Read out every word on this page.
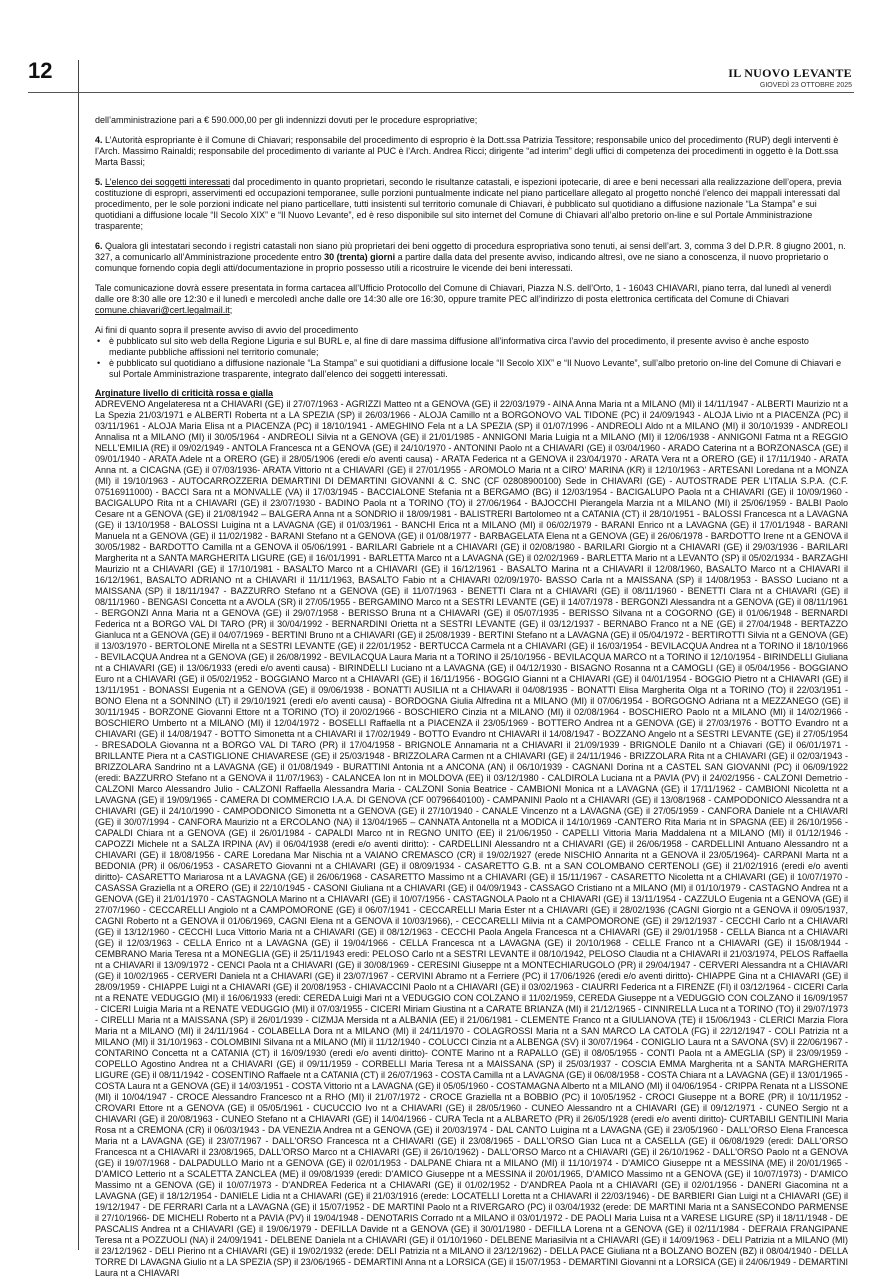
12	IL NUOVO LEVANTE
GIOVEDÌ 23 OTTOBRE 2025

dell’amministrazione pari a € 590.000,00 per gli indennizzi dovuti per le procedure espropriative;

4. L’Autorità espropriante è il Comune di Chiavari; responsabile del procedimento di esproprio è la Dott.ssa Patrizia Tessitore; responsabile unico del procedimento (RUP) degli interventi è l’Arch. Massimo Rainaldi; responsabile del procedimento di variante al PUC è l’Arch. Andrea Ricci; dirigente “ad interim” degli uffici di competenza dei procedimenti in oggetto è la Dott.ssa Marta Bassi;

5. L’elenco dei soggetti interessati dal procedimento in quanto proprietari, secondo le risultanze catastali, e ispezioni ipotecarie, di aree e beni necessari alla realizzazione dell’opera, previa costituzione di espropri, asservimenti ed occupazioni temporanee, sulle porzioni puntualmente indicate nel piano particellare allegato al progetto nonché l’elenco dei mappali interessati dal procedimento, per le sole porzioni indicate nel piano particellare, tutti insistenti sul territorio comunale di Chiavari, è pubblicato sul quotidiano a diffusione nazionale “La Stampa” e sui quotidiani a diffusione locale “Il Secolo XIX” e “Il Nuovo Levante”, ed è reso disponibile sul sito internet del Comune di Chiavari all’albo pretorio on-line e sul Portale Amministrazione trasparente;

6. Qualora gli intestatari secondo i registri catastali non siano più proprietari dei beni oggetto di procedura espropriativa sono tenuti, ai sensi dell’art. 3, comma 3 del D.P.R. 8 giugno 2001, n. 327, a comunicarlo all’Amministrazione procedente entro 30 (trenta) giorni a partire dalla data del presente avviso, indicando altresì, ove ne siano a conoscenza, il nuovo proprietario o comunque fornendo copia degli atti/documentazione in proprio possesso utili a ricostruire le vicende dei beni interessati.

Tale comunicazione dovrà essere presentata in forma cartacea all’Ufficio Protocollo del Comune di Chiavari, Piazza N.S. dell’Orto, 1 - 16043 CHIAVARI, piano terra, dal lunedì al venerdì dalle ore 8:30 alle ore 12:30 e il lunedì e mercoledì anche dalle ore 14:30 alle ore 16:30, oppure tramite PEC all’indirizzo di posta elettronica certificata del Comune di Chiavari comune.chiavari@cert.legalmail.it;

Ai fini di quanto sopra il presente avviso di avvio del procedimento
• è pubblicato sul sito web della Regione Liguria e sul BURL e, al fine di dare massima diffusione all’informativa circa l’avvio del procedimento, il presente avviso è anche esposto mediante pubbliche affissioni nel territorio comunale;
• è pubblicato sul quotidiano a diffusione nazionale “La Stampa” e sui quotidiani a diffusione locale “Il Secolo XIX” e “Il Nuovo Levante”, sull’albo pretorio on-line del Comune di Chiavari e sul Portale Amministrazione trasparente, integrato dall’elenco dei soggetti interessati.
Arginature livello di criticità rossa e gialla
ADREVENO Angelateresa nt a CHIAVARI (GE) il 27/07/1963 - AGRIZZI Matteo nt a GENOVA (GE) il 22/03/1979 - AINA Anna Maria nt a MILANO (MI) il 14/11/1947 - ALBERTI Maurizio nt a La Spezia 21/03/1971 e ALBERTI Roberta nt a LA SPEZIA (SP) il 26/03/1966 - ALOJA Camillo nt a BORGONOVO VAL TIDONE (PC) il 24/09/1943 - ALOJA Livio nt a PIACENZA (PC) il 03/11/1961 - ALOJA Maria Elisa nt a PIACENZA (PC) il 18/10/1941 - AMEGHINO Fela nt a LA SPEZIA (SP) il 01/07/1996 - ANDREOLI Aldo nt a MILANO (MI) il 30/10/1939 - ANDREOLI Annalisa nt a MILANO (MI) il 30/05/1964 - ANDREOLI Silvia nt a GENOVA (GE) il 21/01/1985 - ANNIGONI Maria Luigia nt a MILANO (MI) il 12/06/1938 - ANNIGONI Fatma nt a REGGIO NELL'EMILIA (RE) il 09/02/1949 - ANTOLA Francesca nt a GENOVA (GE) il 24/10/1970 - ANTONINI Paolo nt a CHIAVARI (GE) il 03/04/1960 - ARADO Caterina nt a BORZONASCA (GE) il 09/01/1940 - ARATA Adele nt a ORERO (GE) il 28/05/1906 (eredi e/o aventi causa) - ARATA Federica nt a GENOVA il 23/04/1970 - ARATA Vera nt a ORERO (GE) il 17/11/1940 - ARATA Anna nt. a CICAGNA (GE) il 07/03/1936- ARATA Vittorio nt a CHIAVARI (GE) il 27/01/1955 - AROMOLO Maria nt a CIRO' MARINA (KR) il 12/10/1963 - ARTESANI Loredana nt a MONZA (MI) il 19/10/1963 - AUTOCARROZZERIA DEMARTINI DI DEMARTINI GIOVANNI & C. SNC (CF 02808900100) Sede in CHIAVARI (GE) - AUTOSTRADE PER L'ITALIA S.P.A. (C.F. 07516911000) - BACCI Sara nt a MONVALLE (VA) il 17/03/1945 - BACCIALONE Stefania nt a BERGAMO (BG) il 12/03/1954 - BACIGALUPO Paola nt a CHIAVARI (GE) il 10/09/1960 - BACIGALUPO Rita nt a CHIAVARI (GE) il 23/07/1930 - BADINO Paola nt a TORINO (TO) il 27/06/1964 - BAJOCCHI Pierangela Marzia nt a MILANO (MI) il 25/06/1959 - BALBI Paolo Cesare nt a GENOVA (GE) il 21/08/1942 – BALGERA Anna nt a SONDRIO il 18/09/1981 - BALISTRERI Bartolomeo nt a CATANIA (CT) il 28/10/1951 - BALOSSI Francesca nt a LAVAGNA (GE) il 13/10/1958 - BALOSSI Luigina nt a LAVAGNA (GE) il 01/03/1961 - BANCHI Erica nt a MILANO (MI) il 06/02/1979 - BARANI Enrico nt a LAVAGNA (GE) il 17/01/1948 - BARANI Manuela nt a GENOVA (GE) il 11/02/1982 - BARANI Stefano nt a GENOVA (GE) il 01/08/1977 - BARBAGELATA Elena nt a GENOVA (GE) il 26/06/1978 - BARDOTTO Irene nt a GENOVA il 30/05/1982 - BARDOTTO Camilla nt a GENOVA il 05/06/1991 - BARILARI Gabriele nt a CHIAVARI (GE) il 02/08/1980 - BARILARI Giorgio nt a CHIAVARI (GE) il 29/03/1936 - BARILARI Margherita nt a SANTA MARGHERITA LIGURE (GE) il 16/01/1991 - BARLETTA Marco nt a LAVAGNA (GE) il 02/02/1969 - BARLETTA Mario nt a LEVANTO (SP) il 05/02/1934 - BARZAGHI Maurizio nt a CHIAVARI (GE) il 17/10/1981 - BASALTO Marco nt a CHIAVARI (GE) il 16/12/1961 - BASALTO Marina nt a CHIAVARI il 12/08/1960, BASALTO Marco nt a CHIAVARI il 16/12/1961, BASALTO ADRIANO nt a CHIAVARI il 11/11/1963, BASALTO Fabio nt a CHIAVARI 02/09/1970- BASSO Carla nt a MAISSANA (SP) il 14/08/1953 - BASSO Luciano nt a MAISSANA (SP) il 18/11/1947 - BAZZURRO Stefano nt a GENOVA (GE) il 11/07/1963 - BENETTI Clara nt a CHIAVARI (GE) il 08/11/1960 - BENETTI Clara nt a CHIAVARI (GE) il 08/11/1960 - BENGASI Concetta nt a AVOLA (SR) il 27/05/1955 - BERGAMINO Marco nt a SESTRI LEVANTE (GE) il 14/07/1978 - BERGONZI Alessandra nt a GENOVA (GE) il 08/11/1961 - BERGONZI Anna Maria nt a GENOVA (GE) il 29/07/1958 - BERISSO Bruna nt a CHIAVARI (GE) il 05/07/1935 - BERISSO Silvana nt a COGORNO (GE) il 01/06/1948 - BERNARDI Federica nt a BORGO VAL DI TARO (PR) il 30/04/1992 - BERNARDINI Orietta nt a SESTRI LEVANTE (GE) il 03/12/1937 - BERNABO Franco nt a NE (GE) il 27/04/1948 - BERTAZZO Gianluca nt a GENOVA (GE) il 04/07/1969 - BERTINI Bruno nt a CHIAVARI (GE) il 25/08/1939 - BERTINI Stefano nt a LAVAGNA (GE) il 05/04/1972 - BERTIROTTI Silvia nt a GENOVA (GE) il 13/03/1970 - BERTOLONE Mirella nt a SESTRI LEVANTE (GE) il 22/01/1952 - BERTUCCA Carmela nt a CHIAVARI (GE) il 16/03/1954 - BEVILACQUA Andrea nt a TORINO il 18/10/1966 - BEVILACQUA Andrea nt a GENOVA (GE) il 26/08/1992 - BEVILACQUA Laura Maria nt a TORINO il 25/10/1956 - BEVILACQUA MARCO nt a TORINO il 12/10/1954 - BIRINDELLI Giuliana nt a CHIAVARI (GE) il 13/06/1933 (eredi e/o aventi causa) - BIRINDELLI Luciano nt a LAVAGNA (GE) il 04/12/1930 - BISAGNO Rosanna nt a CAMOGLI (GE) il 05/04/1956 - BOGGIANO Euro nt a CHIAVARI (GE) il 05/02/1952 - BOGGIANO Marco nt a CHIAVARI (GE) il 16/11/1956 - BOGGIO Gianni nt a CHIAVARI (GE) il 04/01/1954 - BOGGIO Pietro nt a CHIAVARI (GE) il 13/11/1951 - BONASSI Eugenia nt a GENOVA (GE) il 09/06/1938 - BONATTI AUSILIA nt a CHIAVARI il 04/08/1935 - BONATTI Elisa Margherita Olga nt a TORINO (TO) il 22/03/1951 - BONO Elena nt a SONNINO (LT) il 29/10/1921 (eredi e/o aventi causa) - BORDOGNA Giulia Alfredina nt a MILANO (MI) il 07/06/1954 - BORGOGNO Adriana nt a MEZZANEGO (GE) il 30/11/1945 - BORZONE Giovanni Ettore nt a TORINO (TO) il 20/02/1966 - BOSCHIERO Cinzia nt a MILANO (MI) il 02/08/1964 - BOSCHIERO Paolo nt a MILANO (MI) il 14/02/1966 - BOSCHIERO Umberto nt a MILANO (MI) il 12/04/1972 - BOSELLI Raffaella nt a PIACENZA il 23/05/1969 - BOTTERO Andrea nt a GENOVA (GE) il 27/03/1976 - BOTTO Evandro nt a CHIAVARI (GE) il 14/08/1947 - BOTTO Simonetta nt a CHIAVARI il 17/02/1949 - BOTTO Evandro nt CHIAVARI il 14/08/1947 - BOZZANO Angelo nt a SESTRI LEVANTE (GE) il 27/05/1954 - BRESADOLA Giovanna nt a BORGO VAL DI TARO (PR) il 17/04/1958 - BRIGNOLE Annamaria nt a CHIAVARI il 21/09/1939 - BRIGNOLE Danilo nt a Chiavari (GE) il 06/01/1971 - BRILLANTE Piera nt a CASTIGLIONE CHIAVARESE (GE) il 25/03/1948 - BRIZZOLARA Carmen nt a CHIAVARI (GE) il 24/11/1946 - BRIZZOLARA Rita nt a CHIAVARI (GE) il 02/03/1943 - BRIZZOLARA Sandrino nt a LAVAGNA (GE) il 01/08/1949 - BURATTINI Antonia nt a ANCONA (AN) il 06/10/1939 - CAGNANI Dorina nt a CASTEL SAN GIOVANNI (PC) il 06/09/1922 (eredi: BAZZURRO Stefano nt a GENOVA il 11/07/1963) - CALANCEA Ion nt in MOLDOVA (EE) il 03/12/1980 - CALDIROLA Luciana nt a PAVIA (PV) il 24/02/1956 - CALZONI Demetrio - CALZONI Marco Alessandro Julio - CALZONI Raffaella Alessandra Maria - CALZONI Sonia Beatrice - CAMBIONI Monica nt a LAVAGNA (GE) il 17/11/1962 - CAMBIONI Nicoletta nt a LAVAGNA (GE) il 19/09/1965 - CAMERA DI COMMERCIO I.A.A. DI GENOVA (CF 00796640100) - CAMPANINI Paolo nt a CHIAVARI (GE) il 13/08/1968 - CAMPODONICO Alessandra nt a CHIAVARI (GE) il 24/10/1990 - CAMPODONICO Simonetta nt a GENOVA (GE) il 27/10/1940 - CANALE Vincenzo nt a LAVAGNA (GE) il 27/05/1959 - CANFORA Daniele nt a CHIAVARI (GE) il 30/07/1994 - CANFORA Maurizio nt a ERCOLANO (NA) il 13/04/1965 – CANNATA Antonella nt a MODICA il 14/10/1969 -CANTERO Rita Maria nt in SPAGNA (EE) il 26/10/1956 - CAPALDI Chiara nt a GENOVA (GE) il 26/01/1984 - CAPALDI Marco nt in REGNO UNITO (EE) il 21/06/1950 - CAPELLI Vittoria Maria Maddalena nt a MILANO (MI) il 01/12/1946 - CAPOZZI Michele nt a SALZA IRPINA (AV) il 06/04/1938 (eredi e/o aventi diritto): - CARDELLINI Alessandro nt a CHIAVARI (GE) il 26/06/1958 - CARDELLINI Antuano Alessandro nt a CHIAVARI (GE) il 18/08/1956 - CARE Loredana Mar Nischia nt a VAIANO CREMASCO (CR) il 19/02/1927 (erede NISCHIO Annarita nt a GENOVA il 23/05/1964)- CARPANI Marta nt a BEDONIA (PR) il 06/06/1953 - CASARETO Giovanni nt a CHIAVARI (GE) il 08/09/1934 - CASARETTO G.B. nt a SAN COLOMBANO CERTENOLI (GE) il 21/02/1916 (eredi e/o aventi diritto)- CASARETTO Mariarosa nt a LAVAGNA (GE) il 26/06/1968 - CASARETTO Massimo nt a CHIAVARI (GE) il 15/11/1967 - CASARETTO Nicoletta nt a CHIAVARI (GE) il 10/07/1970 - CASASSA Graziella nt a ORERO (GE) il 22/10/1945 - CASONI Giuliana nt a CHIAVARI (GE) il 04/09/1943 - CASSAGO Cristiano nt a MILANO (MI) il 01/10/1979 - CASTAGNO Andrea nt a GENOVA (GE) il 21/01/1970 - CASTAGNOLA Marino nt a CHIAVARI (GE) il 10/07/1956 - CASTAGNOLA Paolo nt a CHIAVARI (GE) il 13/11/1954 - CAZZULO Eugenia nt a GENOVA (GE) il 27/07/1960 - CECCARELLI Angiolo nt a CAMPOMORONE (GE) il 06/07/1941 - CECCARELLI Maria Ester nt a CHIAVARI (GE) il 28/02/1936 (CAGNI Giorgio nt a GENOVA il 09/05/1937, CAGNI Roberto nt a GENOVA il 01/06/1969, CAGNI Elena nt a GENOVA il 10/03/1966), - CECCARELLI Milvia nt a CAMPOMORONE (GE) il 29/12/1937 - CECCHI Carlo nt a CHIAVARI (GE) il 13/12/1960 - CECCHI Luca Vittorio Maria nt a CHIAVARI (GE) il 08/12/1963 - CECCHI Paola Angela Francesca nt a CHIAVARI (GE) il 29/01/1958 - CELLA Bianca nt a CHIAVARI (GE) il 12/03/1963 - CELLA Enrico nt a LAVAGNA (GE) il 19/04/1966 - CELLA Francesca nt a LAVAGNA (GE) il 20/10/1968 - CELLE Franco nt a CHIAVARI (GE) il 15/08/1944 - CEMBRANO Maria Teresa nt a MONEGLIA (GE) il 25/11/1943 eredi: PELOSO Carlo nt a SESTRI LEVANTE il 08/10/1942, PELOSO Claudia nt a CHIAVARI il 21/03/1974, PELOS Raffaella nt a CHIAVARI il 13/09/1972 - CENCI Paola nt a CHIAVARI (GE) il 30/08/1969 - CERESINI Giuseppe nt a MONTECHIARUGOLO (PR) il 29/04/1947 - CERVERI Alessandra nt a CHIAVARI (GE) il 10/02/1965 - CERVERI Daniela nt a CHIAVARI (GE) il 23/07/1967 - CERVINI Abramo nt a Ferriere (PC) il 17/06/1926 (eredi e/o aventi diritto)- CHIAPPE Gina nt a CHIAVARI (GE) il 28/09/1959 - CHIAPPE Luigi nt a CHIAVARI (GE) il 20/08/1953 - CHIAVACCINI Paolo nt a CHIAVARI (GE) il 03/02/1963 - CIAURRI Federica nt a FIRENZE (FI) il 03/12/1964 - CICERI Carla nt a RENATE VEDUGGIO (MI) il 16/06/1933 (eredi: CEREDA Luigi Mari nt a VEDUGGIO CON COLZANO il 11/02/1959, CEREDA Giuseppe nt a VEDUGGIO CON COLZANO il 16/09/1957 - CICERI Luigia Maria nt a RENATE VEDUGGIO (MI) il 07/03/1955 - CICERI Miriam Giustina nt a CARATE BRIANZA (MI) il 21/12/1965 - CINNIRELLA Luca nt a TORINO (TO) il 29/07/1973 - CIRELLI Maria nt a MAISSANA (SP) il 26/01/1939 - CIZMJA Mersida nt a ALBANIA (EE) il 21/06/1981 - CLEMENTE Franco nt a GIULIANOVA (TE) il 15/06/1943 - CLERICI Marzia Flora Maria nt a MILANO (MI) il 24/11/1964 - COLABELLA Dora nt a MILANO (MI) il 24/11/1970 - COLAGROSSI Maria nt a SAN MARCO LA CATOLA (FG) il 22/12/1947 - COLI Patrizia nt a MILANO (MI) il 31/10/1963 - COLOMBINI Silvana nt a MILANO (MI) il 11/12/1940 - COLUCCI Cinzia nt a ALBENGA (SV) il 30/07/1964 - CONIGLIO Laura nt a SAVONA (SV) il 22/06/1967 - CONTARINO Concetta nt a CATANIA (CT) il 16/09/1930 (eredi e/o aventi diritto)- CONTE Marino nt a RAPALLO (GE) il 08/05/1955 - CONTI Paola nt a AMEGLIA (SP) il 23/09/1959 - COPELLO Agostino Andrea nt a CHIAVARI (GE) il 09/11/1959 - CORBELLI Maria Teresa nt a MAISSANA (SP) il 25/03/1937 - COSCIA EMMA Margherita nt a SANTA MARGHERITA LIGURE (GE) il 08/11/1942 - COSENTINO Raffaele nt a CATANIA (CT) il 26/07/1963 - COSTA Camilla nt a LAVAGNA (GE) il 06/08/1958 - COSTA Chiara nt a LAVAGNA (GE) il 13/01/1965 - COSTA Laura nt a GENOVA (GE) il 14/03/1951 - COSTA Vittorio nt a LAVAGNA (GE) il 05/05/1960 - COSTAMAGNA Alberto nt a MILANO (MI) il 04/06/1954 - CRIPPA Renata nt a LISSONE (MI) il 10/04/1947 - CROCE Alessandro Francesco nt a RHO (MI) il 21/07/1972 - CROCE Graziella nt a BOBBIO (PC) il 10/05/1952 - CROCI Giuseppe nt a BORE (PR) il 10/11/1952 - CROVARI Ettore nt a GENOVA (GE) il 05/05/1961 - CUCUCCIO Ivo nt a CHIAVARI (GE) il 28/05/1960 - CUNEO Alessandro nt a CHIAVARI (GE) il 09/12/1971 - CUNEO Sergio nt a CHIAVARI (GE) il 20/08/1963 - CUNEO Stefano nt a CHIAVARI (GE) il 14/04/1966 - CURA Tecla nt a ALBARETO (PR) il 26/05/1928 (eredi e/o aventi diritto)- CURTABILI GENTILINI Maria Rosa nt a CREMONA (CR) il 06/03/1943 - DA VENEZIA Andrea nt a GENOVA (GE) il 20/03/1974 - DAL CANTO Luigina nt a LAVAGNA (GE) il 23/05/1960 - DALL'ORSO Elena Francesca Maria nt a LAVAGNA (GE) il 23/07/1967 - DALL'ORSO Francesca nt a CHIAVARI (GE) il 23/08/1965 - DALL'ORSO Gian Luca nt a CASELLA (GE) il 06/08/1929 (eredi: DALL'ORSO Francesca nt a CHIAVARI il 23/08/1965, DALL'ORSO Marco nt a CHIAVARI (GE) il 26/10/1962) - DALL'ORSO Marco nt a CHIAVARI (GE) il 26/10/1962 - DALL'ORSO Paolo nt a GENOVA (GE) il 19/07/1968 - DALPADULLO Mario nt a GENOVA (GE) il 02/01/1953 - DALPANE Chiara nt a MILANO (MI) il 11/10/1974 - D'AMICO Giuseppe nt a MESSINA (ME) il 20/01/1965 - D'AMICO Letterio nt a SCALETTA ZANCLEA (ME) il 09/08/1939 (eredi: D'AMICO Giuseppe nt a MESSINA il 20/01/1965, D'AMICO Massimo nt a GENOVA (GE) il 10/07/1973) - D'AMICO Massimo nt a GENOVA (GE) il 10/07/1973 - D'ANDREA Federica nt a CHIAVARI (GE) il 01/02/1952 - D'ANDREA Paola nt a CHIAVARI (GE) il 02/01/1956 - DANERI Giacomina nt a LAVAGNA (GE) il 18/12/1954 - DANIELE Lidia nt a CHIAVARI (GE) il 21/03/1916 (erede: LOCATELLI Loretta nt a CHIAVARI il 22/03/1946) - DE BARBIERI Gian Luigi nt a CHIAVARI (GE) il 19/12/1947 - DE FERRARI Carla nt a LAVAGNA (GE) il 15/07/1952 - DE MARTINI Paolo nt a RIVERGARO (PC) il 03/04/1932 (erede: DE MARTINI Maria nt a SANSECONDO PARMENSE il 27/10/1966- DE MICHELI Roberto nt a PAVIA (PV) il 19/04/1948 - DENOTARIS Corrado nt a MILANO il 03/01/1972 - DE PAOLI Maria Luisa nt a VARESE LIGURE (SP) il 18/11/1948 - DE PASCALIS Andrea nt a CHIAVARI (GE) il 19/06/1979 - DEFILLA Davide nt a GENOVA (GE) il 30/01/1980 - DEFILLA Lorena nt a GENOVA (GE) il 02/11/1984 - DEFRAIA FRANGIPANE Teresa nt a POZZUOLI (NA) il 24/09/1941 - DELBENE Daniela nt a CHIAVARI (GE) il 01/10/1960 - DELBENE Mariasilvia nt a CHIAVARI (GE) il 14/09/1963 - DELI Patrizia nt a MILANO (MI) il 23/12/1962 - DELI Pierino nt a CHIAVARI (GE) il 19/02/1932 (erede: DELI Patrizia nt a MILANO il 23/12/1962) - DELLA PACE Giuliana nt a BOLZANO BOZEN (BZ) il 08/04/1940 - DELLA TORRE DI LAVAGNA Giulio nt a LA SPEZIA (SP) il 23/06/1965 - DEMARTINI Anna nt a LORSICA (GE) il 15/07/1953 - DEMARTINI Giovanni nt a LORSICA (GE) il 24/06/1949 - DEMARTINI Laura nt a CHIAVARI
